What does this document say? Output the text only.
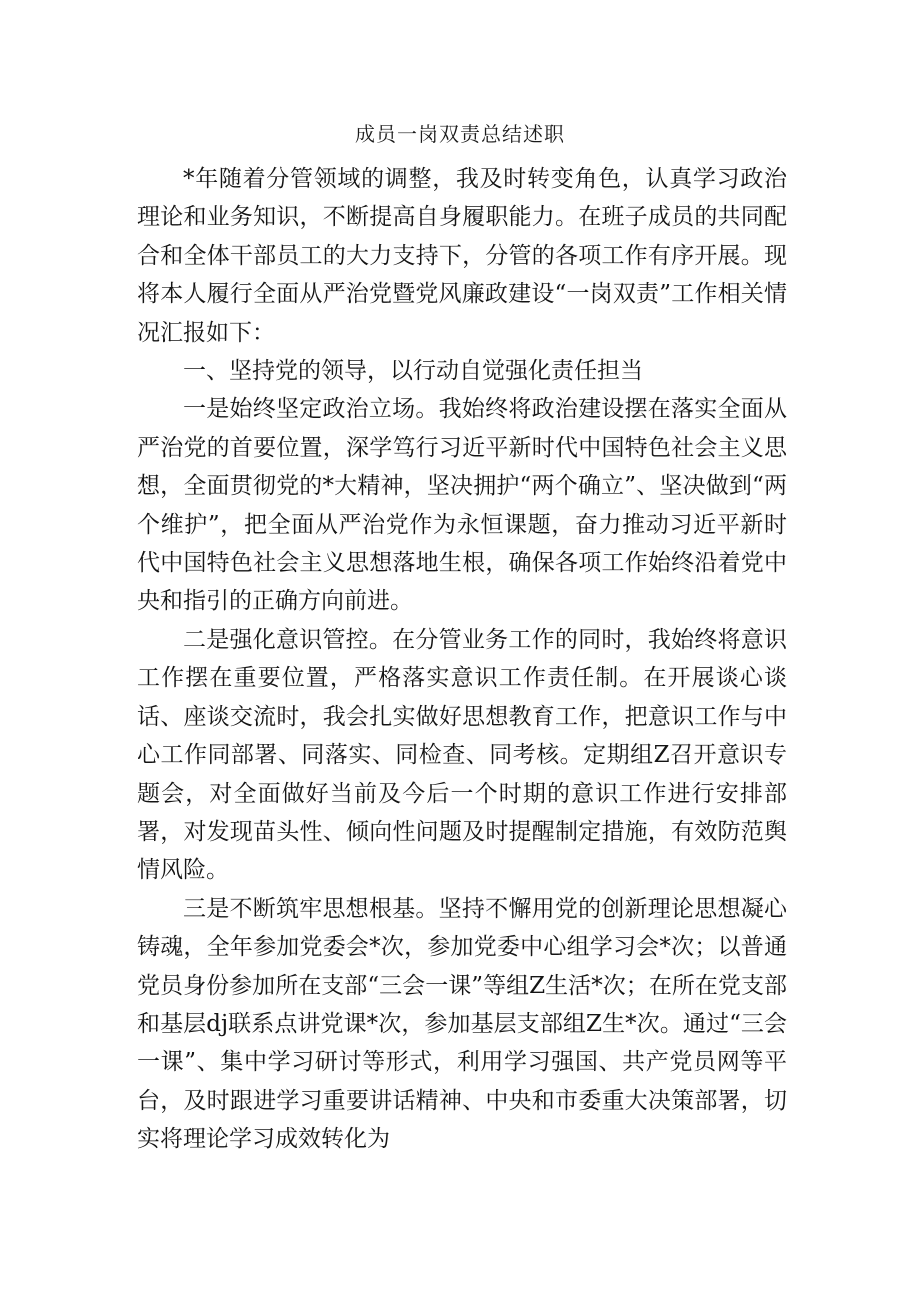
成员一岗双责总结述职

*年随着分管领域的调整，我及时转变角色，认真学习政治理论和业务知识，不断提高自身履职能力。在班子成员的共同配合和全体干部员工的大力支持下，分管的各项工作有序开展。现将本人履行全面从严治党暨党风廉政建设“一岗双责”工作相关情况汇报如下：

一、坚持党的领导，以行动自觉强化责任担当

一是始终坚定政治立场。我始终将政治建设摆在落实全面从严治党的首要位置，深学笃行习近平新时代中国特色社会主义思想，全面贯彻党的*大精神，坚决拥护“两个确立”、坚决做到“两个维护”，把全面从严治党作为永恒课题，奋力推动习近平新时代中国特色社会主义思想落地生根，确保各项工作始终沿着党中央和指引的正确方向前进。

二是强化意识管控。在分管业务工作的同时，我始终将意识工作摆在重要位置，严格落实意识工作责任制。在开展谈心谈话、座谈交流时，我会扎实做好思想教育工作，把意识工作与中心工作同部署、同落实、同检查、同考核。定期组Z召开意识专题会，对全面做好当前及今后一个时期的意识工作进行安排部署，对发现苗头性、倾向性问题及时提醒制定措施，有效防范舆情风险。

三是不断筑牢思想根基。坚持不懈用党的创新理论思想凝心铸魂，全年参加党委会*次，参加党委中心组学习会*次；以普通党员身份参加所在支部“三会一课”等组Z生活*次；在所在党支部和基层dj联系点讲党课*次，参加基层支部组Z生*次。通过“三会一课”、集中学习研讨等形式，利用学习强国、共产党员网等平台，及时跟进学习重要讲话精神、中央和市委重大决策部署，切实将理论学习成效转化为
